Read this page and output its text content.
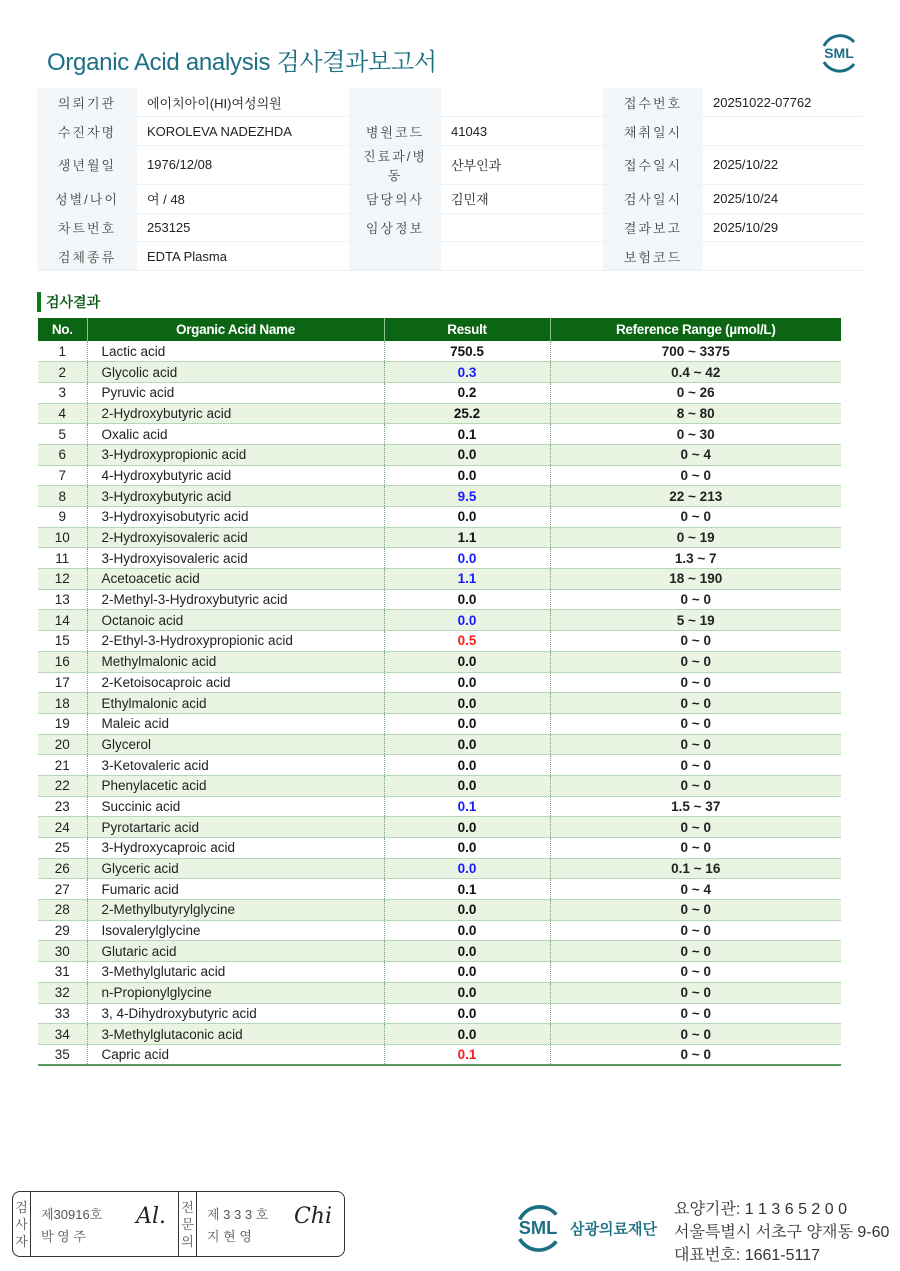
Organic Acid analysis 검사결과보고서	SML
의뢰기관	에이치아이(HI)여성의원			접수번호	20251022-07762
수진자명	KOROLEVA NADEZHDA	병원코드	41043	채취일시	
생년월일	1976/12/08	진료과/병동	산부인과	접수일시	2025/10/22
성별/나이	여 / 48	담당의사	김민재	검사일시	2025/10/24
차트번호	253125	임상정보		결과보고	2025/10/29
검체종류	EDTA Plasma			보험코드	
검사결과
No.	Organic Acid Name	Result	Reference Range (µmol/L)
1	Lactic acid	750.5	700 ~ 3375
2	Glycolic acid	0.3	0.4 ~ 42
3	Pyruvic acid	0.2	0 ~ 26
4	2-Hydroxybutyric acid	25.2	8 ~ 80
5	Oxalic acid	0.1	0 ~ 30
6	3-Hydroxypropionic acid	0.0	0 ~ 4
7	4-Hydroxybutyric acid	0.0	0 ~ 0
8	3-Hydroxybutyric acid	9.5	22 ~ 213
9	3-Hydroxyisobutyric acid	0.0	0 ~ 0
10	2-Hydroxyisovaleric acid	1.1	0 ~ 19
11	3-Hydroxyisovaleric acid	0.0	1.3 ~ 7
12	Acetoacetic acid	1.1	18 ~ 190
13	2-Methyl-3-Hydroxybutyric acid	0.0	0 ~ 0
14	Octanoic acid	0.0	5 ~ 19
15	2-Ethyl-3-Hydroxypropionic acid	0.5	0 ~ 0
16	Methylmalonic acid	0.0	0 ~ 0
17	2-Ketoisocaproic acid	0.0	0 ~ 0
18	Ethylmalonic acid	0.0	0 ~ 0
19	Maleic acid	0.0	0 ~ 0
20	Glycerol	0.0	0 ~ 0
21	3-Ketovaleric acid	0.0	0 ~ 0
22	Phenylacetic acid	0.0	0 ~ 0
23	Succinic acid	0.1	1.5 ~ 37
24	Pyrotartaric acid	0.0	0 ~ 0
25	3-Hydroxycaproic acid	0.0	0 ~ 0
26	Glyceric acid	0.0	0.1 ~ 16
27	Fumaric acid	0.1	0 ~ 4
28	2-Methylbutyrylglycine	0.0	0 ~ 0
29	Isovalerylglycine	0.0	0 ~ 0
30	Glutaric acid	0.0	0 ~ 0
31	3-Methylglutaric acid	0.0	0 ~ 0
32	n-Propionylglycine	0.0	0 ~ 0
33	3, 4-Dihydroxybutyric acid	0.0	0 ~ 0
34	3-Methylglutaconic acid	0.0	0 ~ 0
35	Capric acid	0.1	0 ~ 0
검사자
제30916호
박 영 주
Al. 전문의
제 3 3 3 호
지 현 영
Chi	SML 삼광의료재단
요양기관: 1 1 3 6 5 2 0 0
서울특별시 서초구 양재동 9-60
대표번호: 1661-5117
